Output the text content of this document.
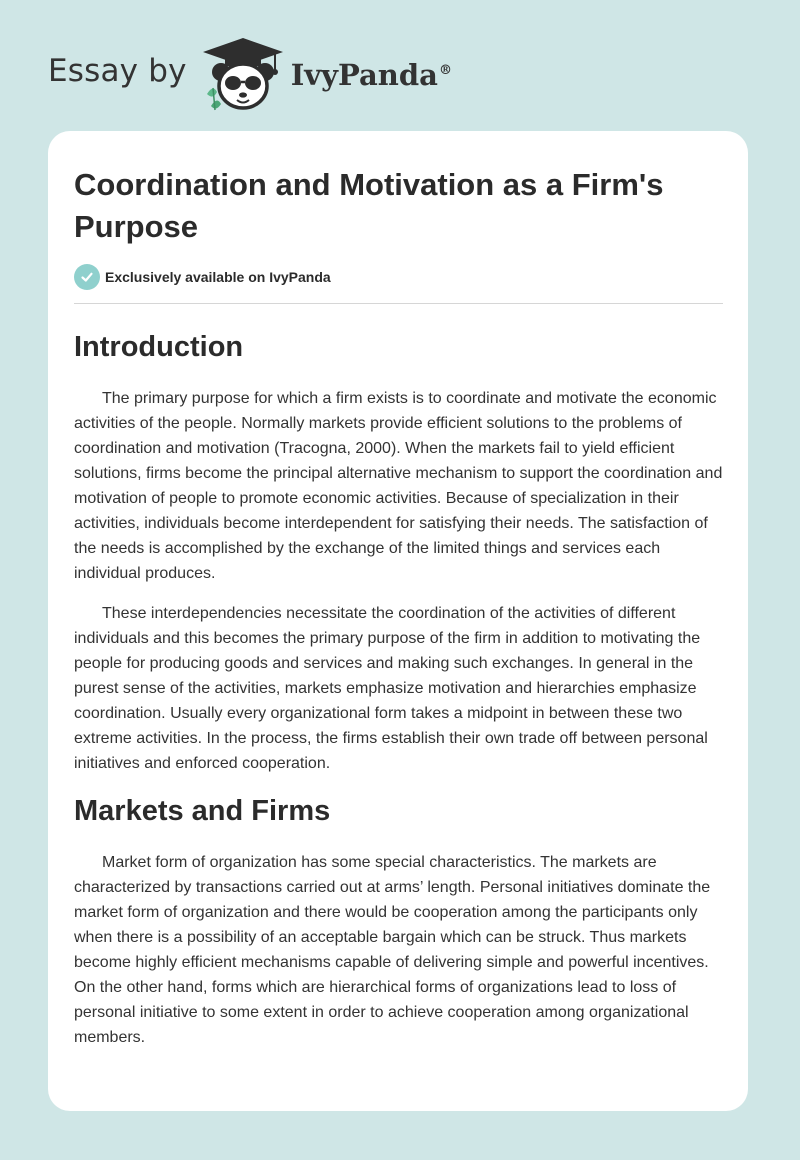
Essay by	IvyPanda®
Coordination and Motivation as a Firm's Purpose
Exclusively available on IvyPanda
Introduction

The primary purpose for which a firm exists is to coordinate and motivate the economic activities of the people. Normally markets provide efficient solutions to the problems of coordination and motivation (Tracogna, 2000). When the markets fail to yield efficient solutions, firms become the principal alternative mechanism to support the coordination and motivation of people to promote economic activities. Because of specialization in their activities, individuals become interdependent for satisfying their needs. The satisfaction of the needs is accomplished by the exchange of the limited things and services each individual produces.

These interdependencies necessitate the coordination of the activities of different individuals and this becomes the primary purpose of the firm in addition to motivating the people for producing goods and services and making such exchanges. In general in the purest sense of the activities, markets emphasize motivation and hierarchies emphasize coordination. Usually every organizational form takes a midpoint in between these two extreme activities. In the process, the firms establish their own trade off between personal initiatives and enforced cooperation.

Markets and Firms

Market form of organization has some special characteristics. The markets are characterized by transactions carried out at arms’ length. Personal initiatives dominate the market form of organization and there would be cooperation among the participants only when there is a possibility of an acceptable bargain which can be struck. Thus markets become highly efficient mechanisms capable of delivering simple and powerful incentives. On the other hand, forms which are hierarchical forms of organizations lead to loss of personal initiative to some extent in order to achieve cooperation among organizational members.
